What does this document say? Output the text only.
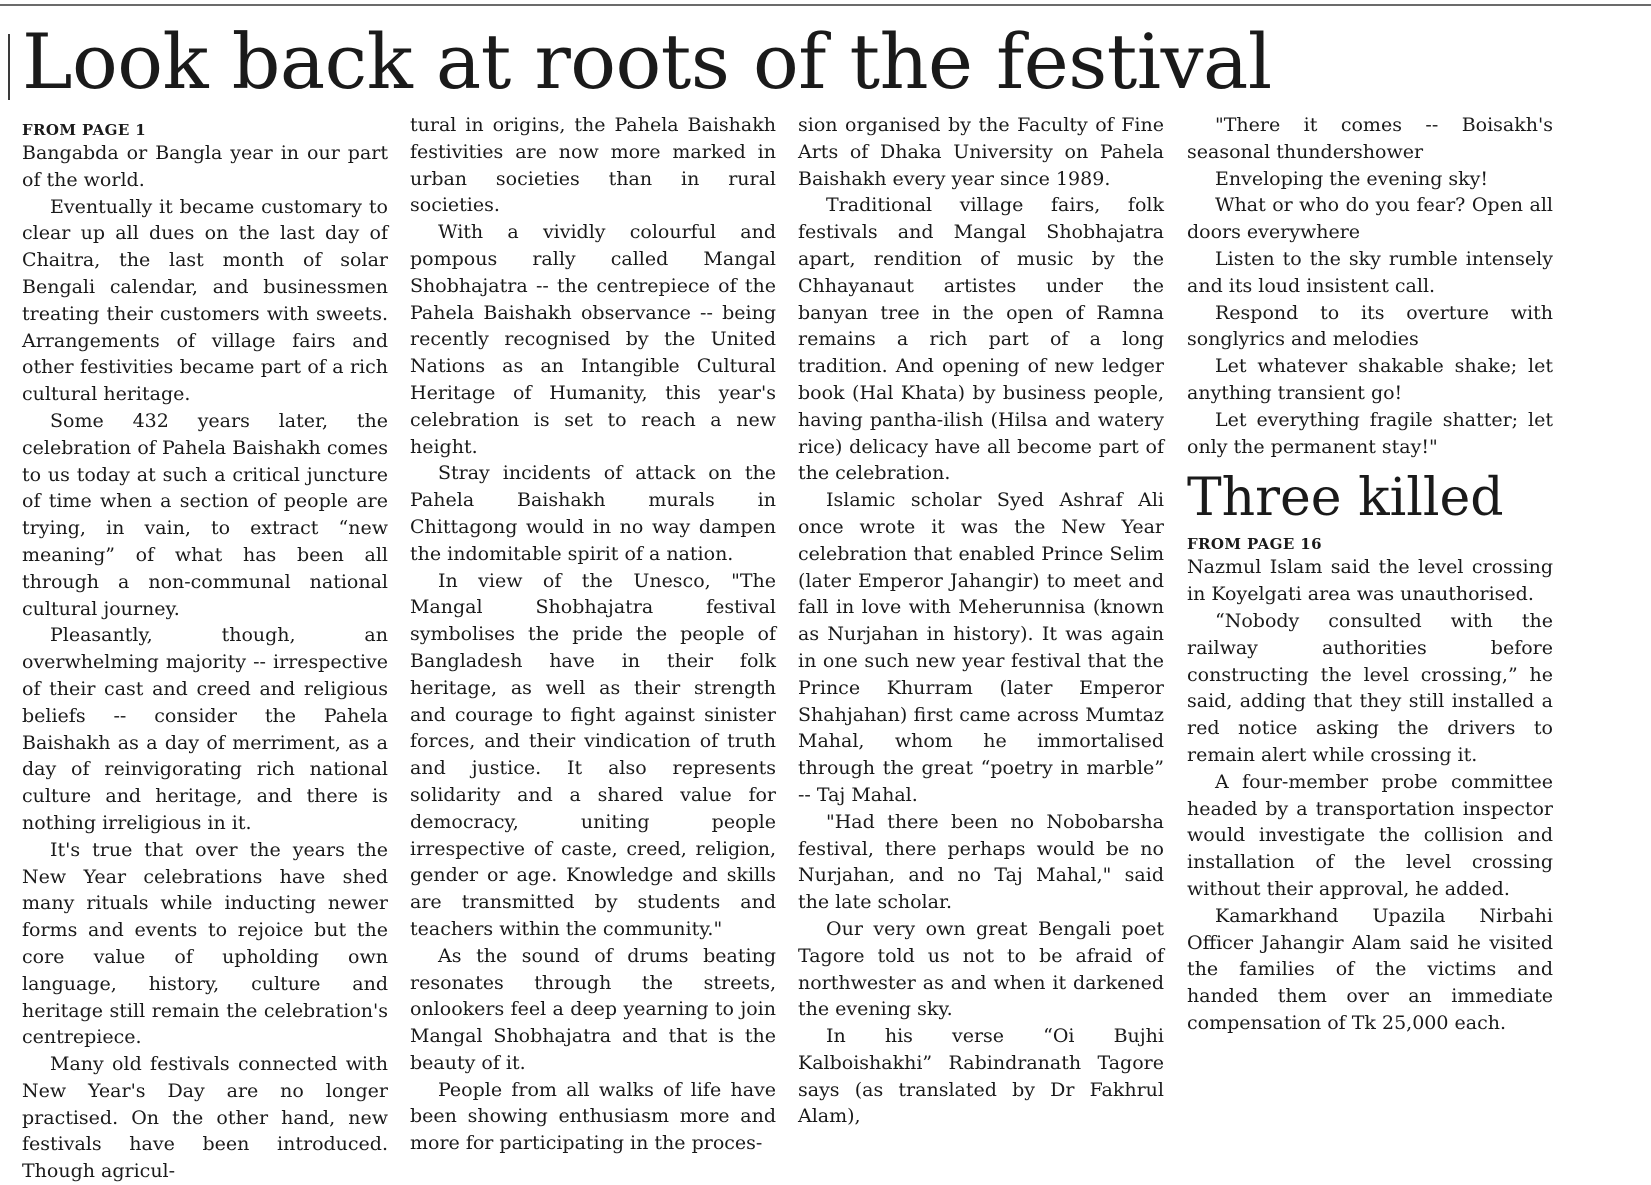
Look back at roots of the festival
FROM PAGE 1

Bangabda or Bangla year in our part of the world.

Eventually it became customary to clear up all dues on the last day of Chaitra, the last month of solar Bengali calendar, and businessmen treating their customers with sweets. Arrangements of village fairs and other festivities became part of a rich cultural heritage.

Some 432 years later, the celebration of Pahela Baishakh comes to us today at such a critical juncture of time when a section of people are trying, in vain, to extract “new meaning” of what has been all through a non-communal national cultural journey.

Pleasantly, though, an overwhelming majority -- irrespective of their cast and creed and religious beliefs -- consider the Pahela Baishakh as a day of merriment, as a day of reinvigorating rich national culture and heritage, and there is nothing irreligious in it.

It's true that over the years the New Year celebrations have shed many rituals while inducting newer forms and events to rejoice but the core value of upholding own language, history, culture and heritage still remain the celebration's centrepiece.

Many old festivals connected with New Year's Day are no longer practised. On the other hand, new festivals have been introduced. Though agricul-

tural in origins, the Pahela Baishakh festivities are now more marked in urban societies than in rural societies.

With a vividly colourful and pompous rally called Mangal Shobhajatra -- the centrepiece of the Pahela Baishakh observance -- being recently recognised by the United Nations as an Intangible Cultural Heritage of Humanity, this year's celebration is set to reach a new height.

Stray incidents of attack on the Pahela Baishakh murals in Chittagong would in no way dampen the indomitable spirit of a nation.

In view of the Unesco, "The Mangal Shobhajatra festival symbolises the pride the people of Bangladesh have in their folk heritage, as well as their strength and courage to fight against sinister forces, and their vindication of truth and justice. It also represents solidarity and a shared value for democracy, uniting people irrespective of caste, creed, religion, gender or age. Knowledge and skills are transmitted by students and teachers within the community."

As the sound of drums beating resonates through the streets, onlookers feel a deep yearning to join Mangal Shobhajatra and that is the beauty of it.

People from all walks of life have been showing enthusiasm more and more for participating in the proces-

sion organised by the Faculty of Fine Arts of Dhaka University on Pahela Baishakh every year since 1989.

Traditional village fairs, folk festivals and Mangal Shobhajatra apart, rendition of music by the Chhayanaut artistes under the banyan tree in the open of Ramna remains a rich part of a long tradition. And opening of new ledger book (Hal Khata) by business people, having pantha-ilish (Hilsa and watery rice) delicacy have all become part of the celebration.

Islamic scholar Syed Ashraf Ali once wrote it was the New Year celebration that enabled Prince Selim (later Emperor Jahangir) to meet and fall in love with Meherunnisa (known as Nurjahan in history). It was again in one such new year festival that the Prince Khurram (later Emperor Shahjahan) first came across Mumtaz Mahal, whom he immortalised through the great “poetry in marble” -- Taj Mahal.

"Had there been no Nobobarsha festival, there perhaps would be no Nurjahan, and no Taj Mahal," said the late scholar.

Our very own great Bengali poet Tagore told us not to be afraid of northwester as and when it darkened the evening sky.

In his verse “Oi Bujhi Kalboishakhi” Rabindranath Tagore says (as translated by Dr Fakhrul Alam),

"There it comes -- Boisakh's seasonal thundershower

Enveloping the evening sky!

What or who do you fear? Open all doors everywhere

Listen to the sky rumble intensely and its loud insistent call.

Respond to its overture with songlyrics and melodies

Let whatever shakable shake; let anything transient go!

Let everything fragile shatter; let only the permanent stay!"

Three killed
FROM PAGE 16

Nazmul Islam said the level crossing in Koyelgati area was unauthorised.

“Nobody consulted with the railway authorities before constructing the level crossing,” he said, adding that they still installed a red notice asking the drivers to remain alert while crossing it.

A four-member probe committee headed by a transportation inspector would investigate the collision and installation of the level crossing without their approval, he added.

Kamarkhand Upazila Nirbahi Officer Jahangir Alam said he visited the families of the victims and handed them over an immediate compensation of Tk 25,000 each.
